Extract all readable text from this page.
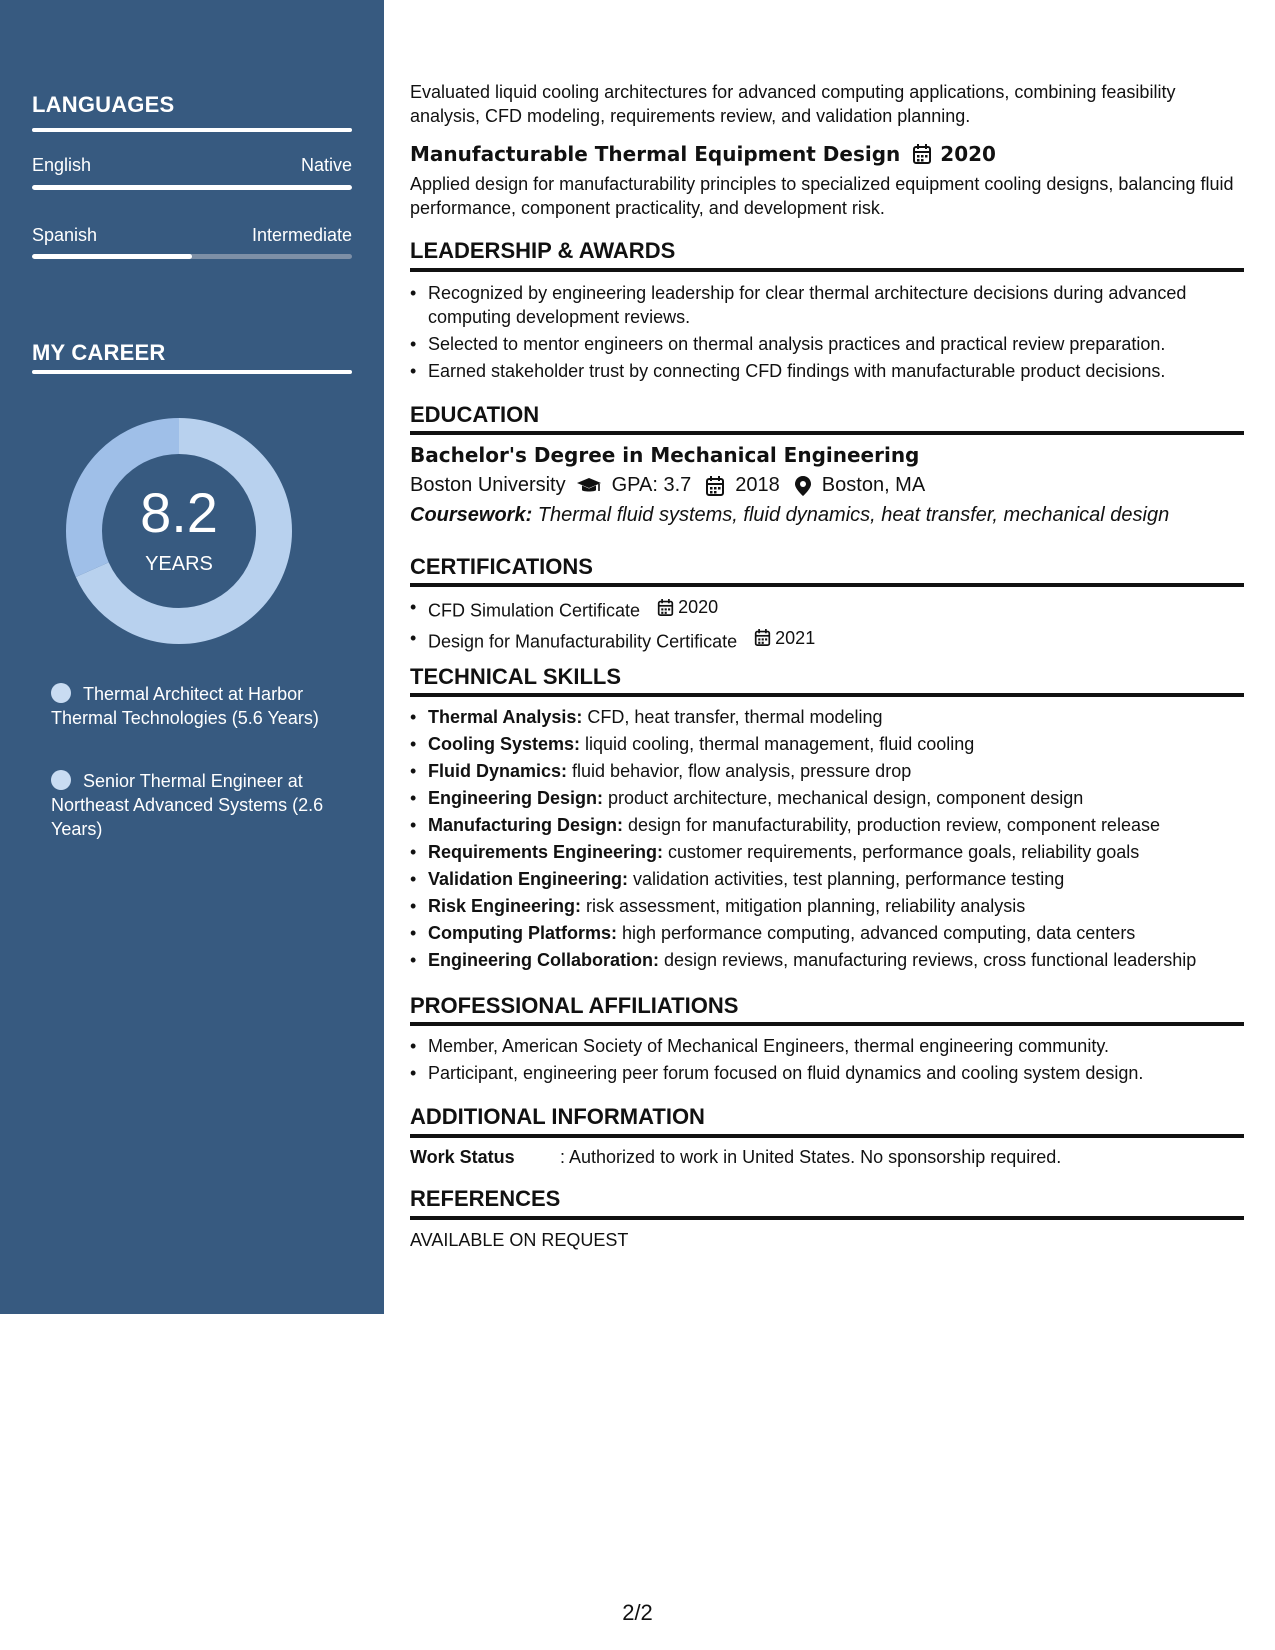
LANGUAGES
English	Native
Spanish	Intermediate
MY CAREER
8.2
YEARS
Thermal Architect at Harbor Thermal Technologies (5.6 Years)
Senior Thermal Engineer at Northeast Advanced Systems (2.6 Years)
Evaluated liquid cooling architectures for advanced computing applications, combining feasibility analysis, CFD modeling, requirements review, and validation planning.
Manufacturable Thermal Equipment Design 2020
Applied design for manufacturability principles to specialized equipment cooling designs, balancing fluid performance, component practicality, and development risk.
LEADERSHIP & AWARDS
• Recognized by engineering leadership for clear thermal architecture decisions during advanced computing development reviews.
• Selected to mentor engineers on thermal analysis practices and practical review preparation.
• Earned stakeholder trust by connecting CFD findings with manufacturable product decisions.
EDUCATION
Bachelor's Degree in Mechanical Engineering
Boston University GPA: 3.7 2018 Boston, MA
Coursework: Thermal fluid systems, fluid dynamics, heat transfer, mechanical design
CERTIFICATIONS
• CFD Simulation Certificate 2020
• Design for Manufacturability Certificate 2021
TECHNICAL SKILLS
• Thermal Analysis: CFD, heat transfer, thermal modeling
• Cooling Systems: liquid cooling, thermal management, fluid cooling
• Fluid Dynamics: fluid behavior, flow analysis, pressure drop
• Engineering Design: product architecture, mechanical design, component design
• Manufacturing Design: design for manufacturability, production review, component release
• Requirements Engineering: customer requirements, performance goals, reliability goals
• Validation Engineering: validation activities, test planning, performance testing
• Risk Engineering: risk assessment, mitigation planning, reliability analysis
• Computing Platforms: high performance computing, advanced computing, data centers
• Engineering Collaboration: design reviews, manufacturing reviews, cross functional leadership
PROFESSIONAL AFFILIATIONS
• Member, American Society of Mechanical Engineers, thermal engineering community.
• Participant, engineering peer forum focused on fluid dynamics and cooling system design.
ADDITIONAL INFORMATION
Work Status	: Authorized to work in United States. No sponsorship required.
REFERENCES
AVAILABLE ON REQUEST
2/2
